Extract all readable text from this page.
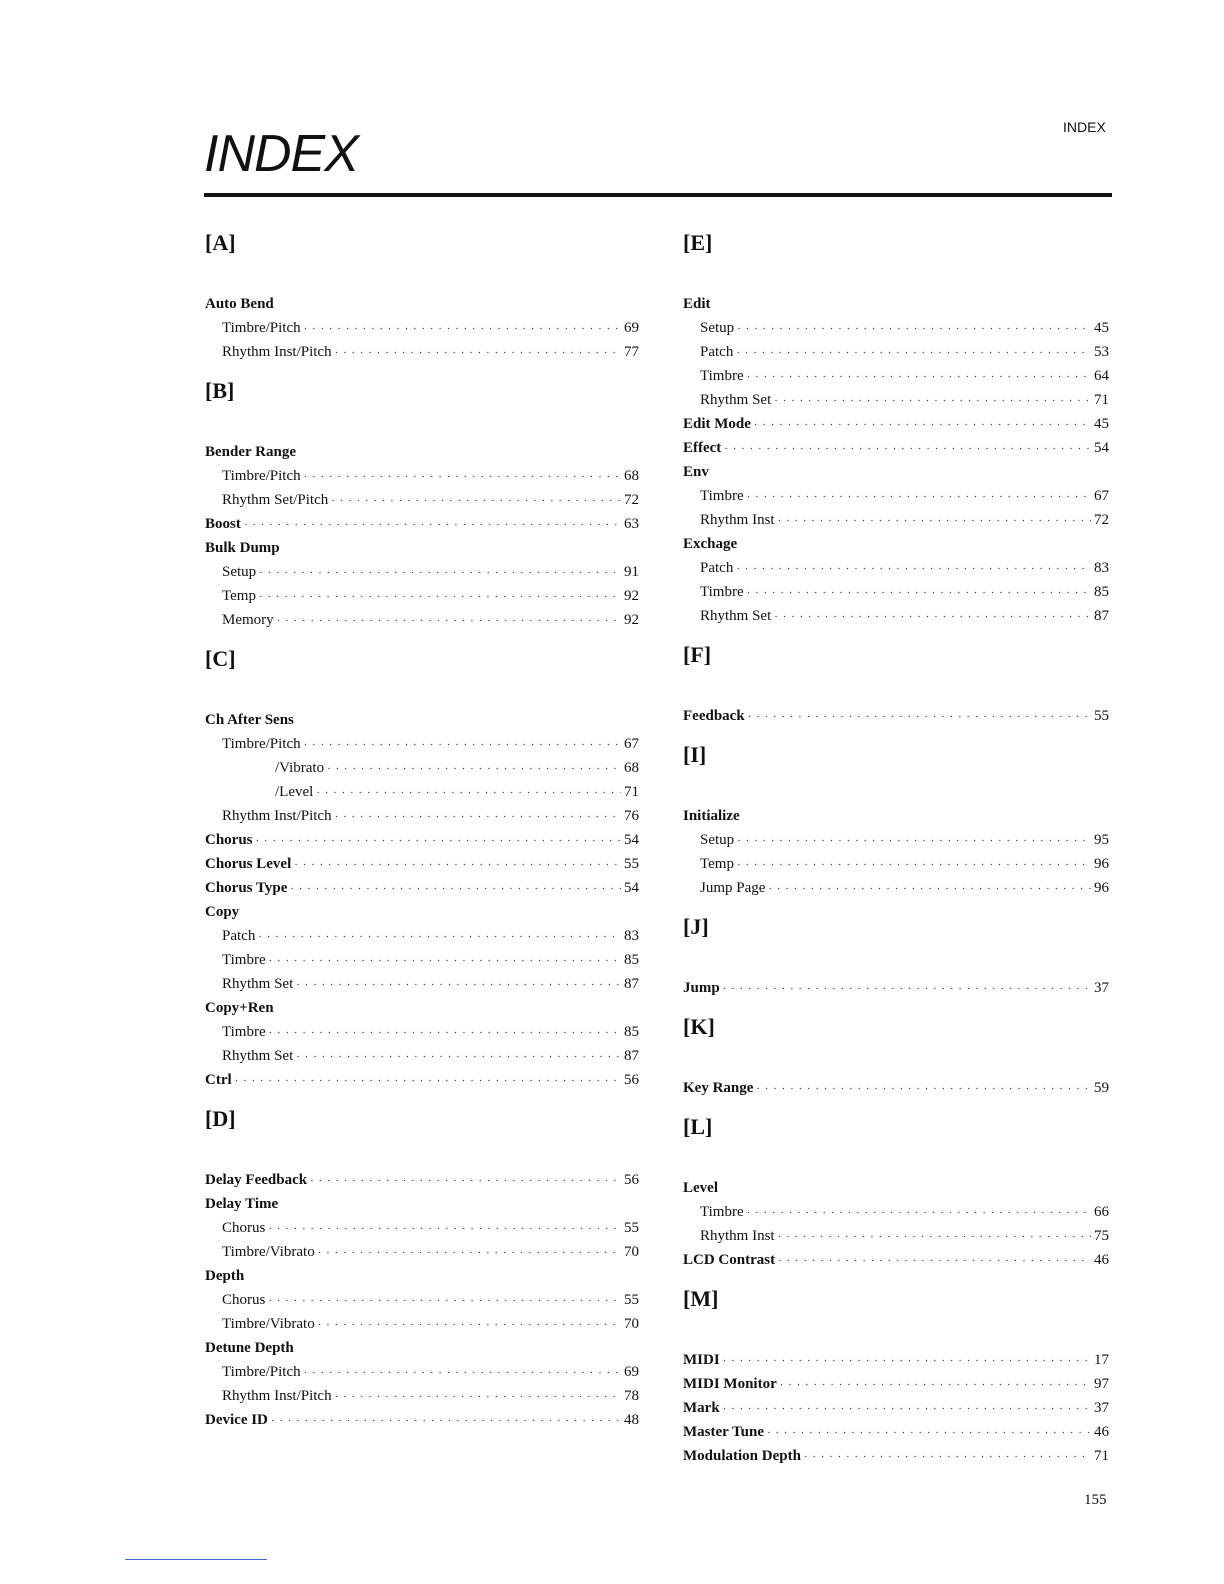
INDEX
INDEX
[A]
Auto Bend
Timbre/Pitch · · ·	69
Rhythm Inst/Pitch · · ·	77
[B]
Bender Range
Timbre/Pitch · · ·	68
Rhythm Set/Pitch · · ·	72
Boost · · ·	63
Bulk Dump
Setup · · ·	91
Temp · · ·	92
Memory · · ·	92
[C]
Ch After Sens
Timbre/Pitch · · ·	67
/Vibrato · · ·	68
/Level · · ·	71
Rhythm Inst/Pitch · · ·	76
Chorus · · ·	54
Chorus Level · · ·	55
Chorus Type · · ·	54
Copy
Patch · · ·	83
Timbre · · ·	85
Rhythm Set · · ·	87
Copy+Ren
Timbre · · ·	85
Rhythm Set · · ·	87
Ctrl · · ·	56
[D]
Delay Feedback · · ·	56
Delay Time
Chorus · · ·	55
Timbre/Vibrato · · ·	70
Depth
Chorus · · ·	55
Timbre/Vibrato · · ·	70
Detune Depth
Timbre/Pitch · · ·	69
Rhythm Inst/Pitch · · ·	78
Device ID · · ·	48
[E]
Edit
Setup · · ·	45
Patch · · ·	53
Timbre · · ·	64
Rhythm Set · · ·	71
Edit Mode · · ·	45
Effect · · ·	54
Env
Timbre · · ·	67
Rhythm Inst · · ·	72
Exchage
Patch · · ·	83
Timbre · · ·	85
Rhythm Set · · ·	87
[F]
Feedback · · ·	55
[I]
Initialize
Setup · · ·	95
Temp · · ·	96
Jump Page · · ·	96
[J]
Jump · · ·	37
[K]
Key Range · · ·	59
[L]
Level
Timbre · · ·	66
Rhythm Inst · · ·	75
LCD Contrast · · ·	46
[M]
MIDI · · ·	17
MIDI Monitor · · ·	97
Mark · · ·	37
Master Tune · · ·	46
Modulation Depth · · ·	71
155
